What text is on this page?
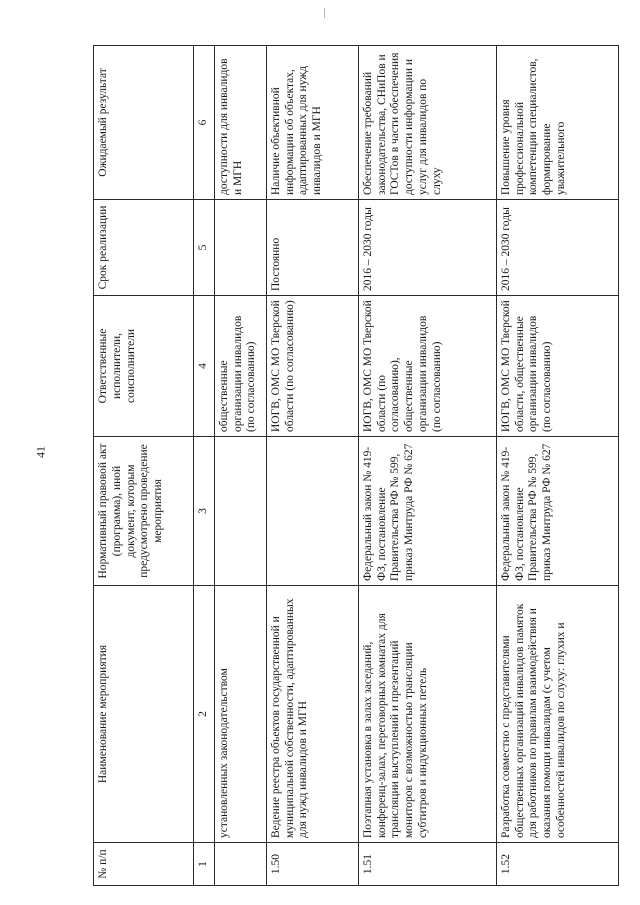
41
№ п/п	Наименование мероприятия	Нормативный правовой акт (программа), иной документ, которым предусмотрено проведение мероприятия	Ответственные исполнители, соисполнители	Срок реализации	Ожидаемый результат
1	2	3	4	5	6
	установленных законодательством		общественные организации инвалидов (по согласованию)		доступности для инвалидов и МГН
1.50	Ведение реестра объектов государственной и муниципальной собственности, адаптированных для нужд инвалидов и МГН		ИОГВ, ОМС МО Тверской области (по согласованию)	Постоянно	Наличие объективной информации об объектах, адаптированных для нужд инвалидов и МГН
1.51	Поэтапная установка в залах заседаний, конференц-залах, переговорных комнатах для трансляции выступлений и презентаций мониторов с возможностью трансляции субтитров и индукционных петель	Федеральный закон № 419-ФЗ, постановление Правительства РФ № 599, приказ Минтруда РФ № 627	ИОГВ, ОМС МО Тверской области (по согласованию), общественные организации инвалидов (по согласованию)	2016 – 2030 годы	Обеспечение требований законодательства, СНиПов и ГОСТов в части обеспечения доступности информации и услуг для инвалидов по слуху
1.52	Разработка совместно с представителями общественных организаций инвалидов памяток для работников по правилам взаимодействия и оказания помощи инвалидам (с учетом особенностей инвалидов по слуху: глухих и	Федеральный закон № 419-ФЗ, постановление Правительства РФ № 599, приказ Минтруда РФ № 627	ИОГВ, ОМС МО Тверской области, общественные организации инвалидов (по согласованию)	2016 – 2030 годы	Повышение уровня профессиональной компетенции специалистов, формирование уважительного
